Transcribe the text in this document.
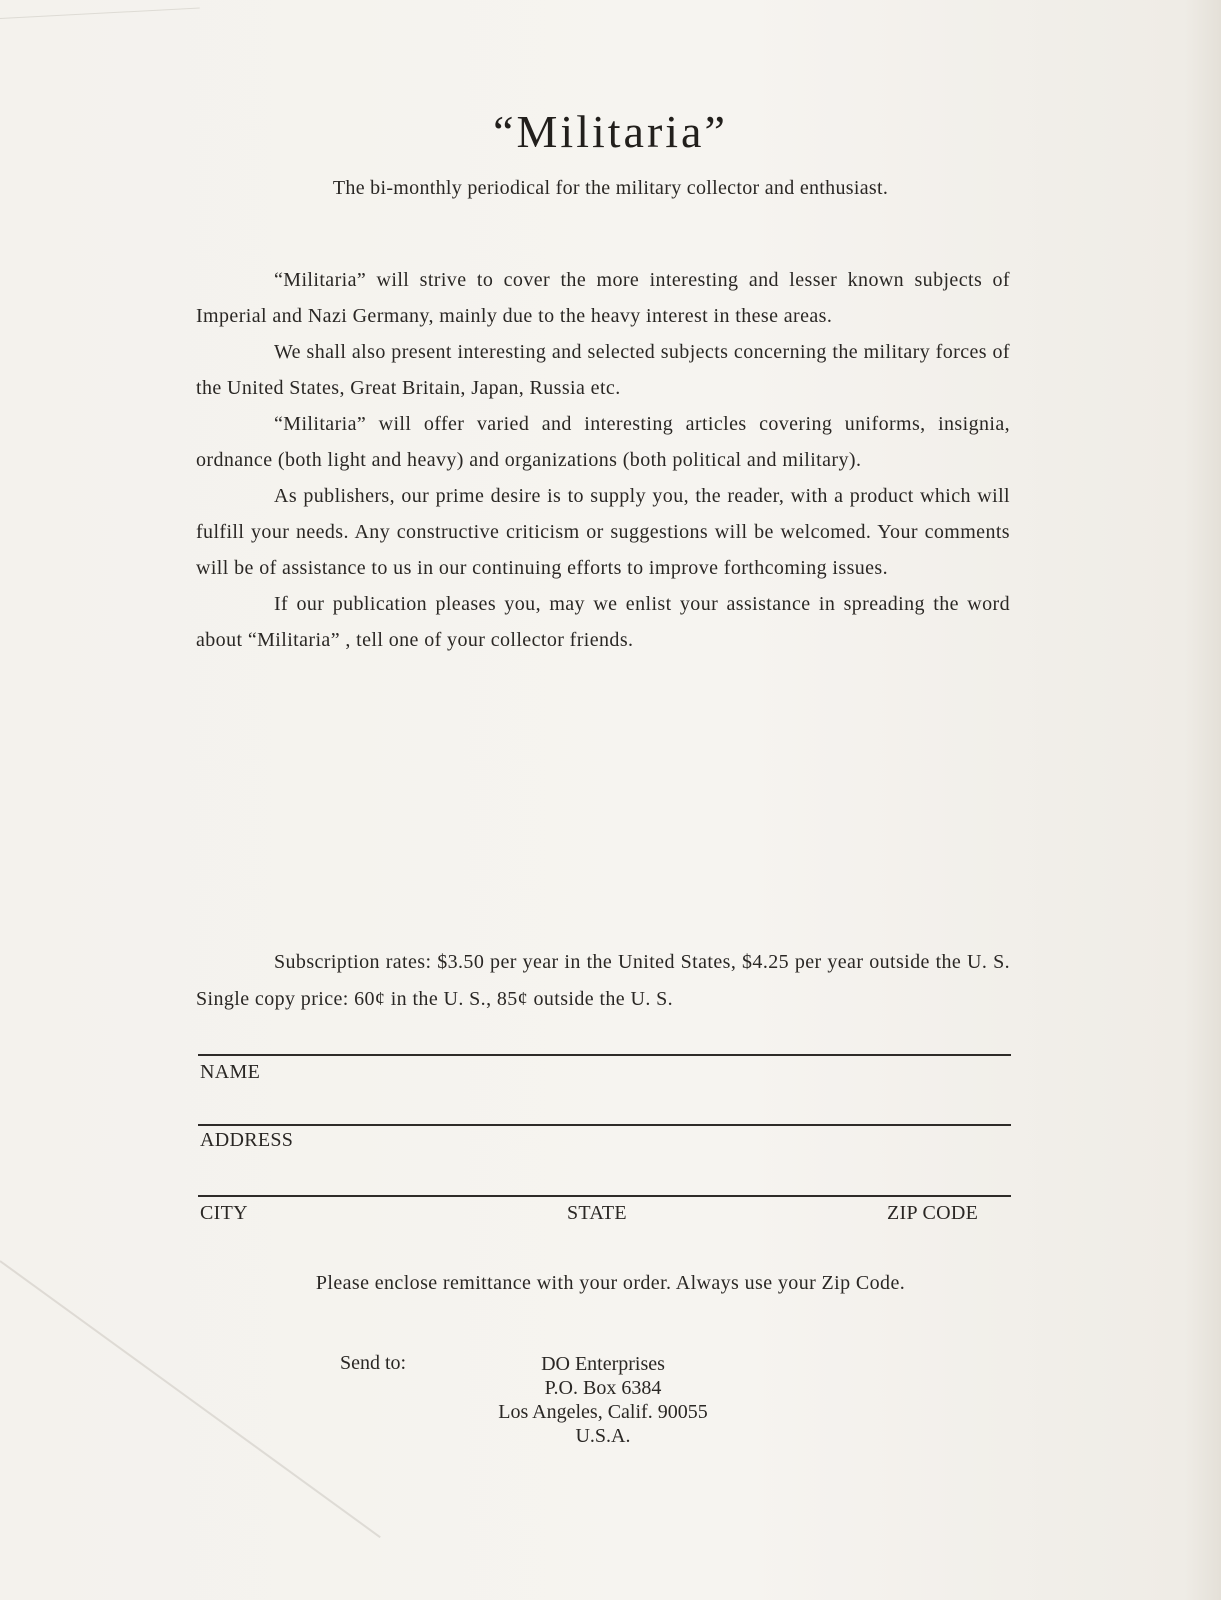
“Militaria”
The bi-monthly periodical for the military collector and enthusiast.

“Militaria” will strive to cover the more interesting and lesser known subjects of Imperial and Nazi Germany, mainly due to the heavy interest in these areas.

We shall also present interesting and selected subjects concerning the military forces of the United States, Great Britain, Japan, Russia etc.

“Militaria” will offer varied and interesting articles covering uniforms, insignia, ordnance (both light and heavy) and organizations (both political and military).

As publishers, our prime desire is to supply you, the reader, with a product which will fulfill your needs. Any constructive criticism or suggestions will be welcomed. Your comments will be of assistance to us in our continuing efforts to improve forthcoming issues.

If our publication pleases you, may we enlist your assistance in spreading the word about “Militaria” , tell one of your collector friends.

Subscription rates: $3.50 per year in the United States, $4.25 per year outside the U. S. Single copy price: 60¢ in the U. S., 85¢ outside the U. S.

NAME
ADDRESS
CITY	STATE	ZIP CODE
Please enclose remittance with your order. Always use your Zip Code.
Send to:	DO Enterprises
P.O. Box 6384
Los Angeles, Calif. 90055
U.S.A.
